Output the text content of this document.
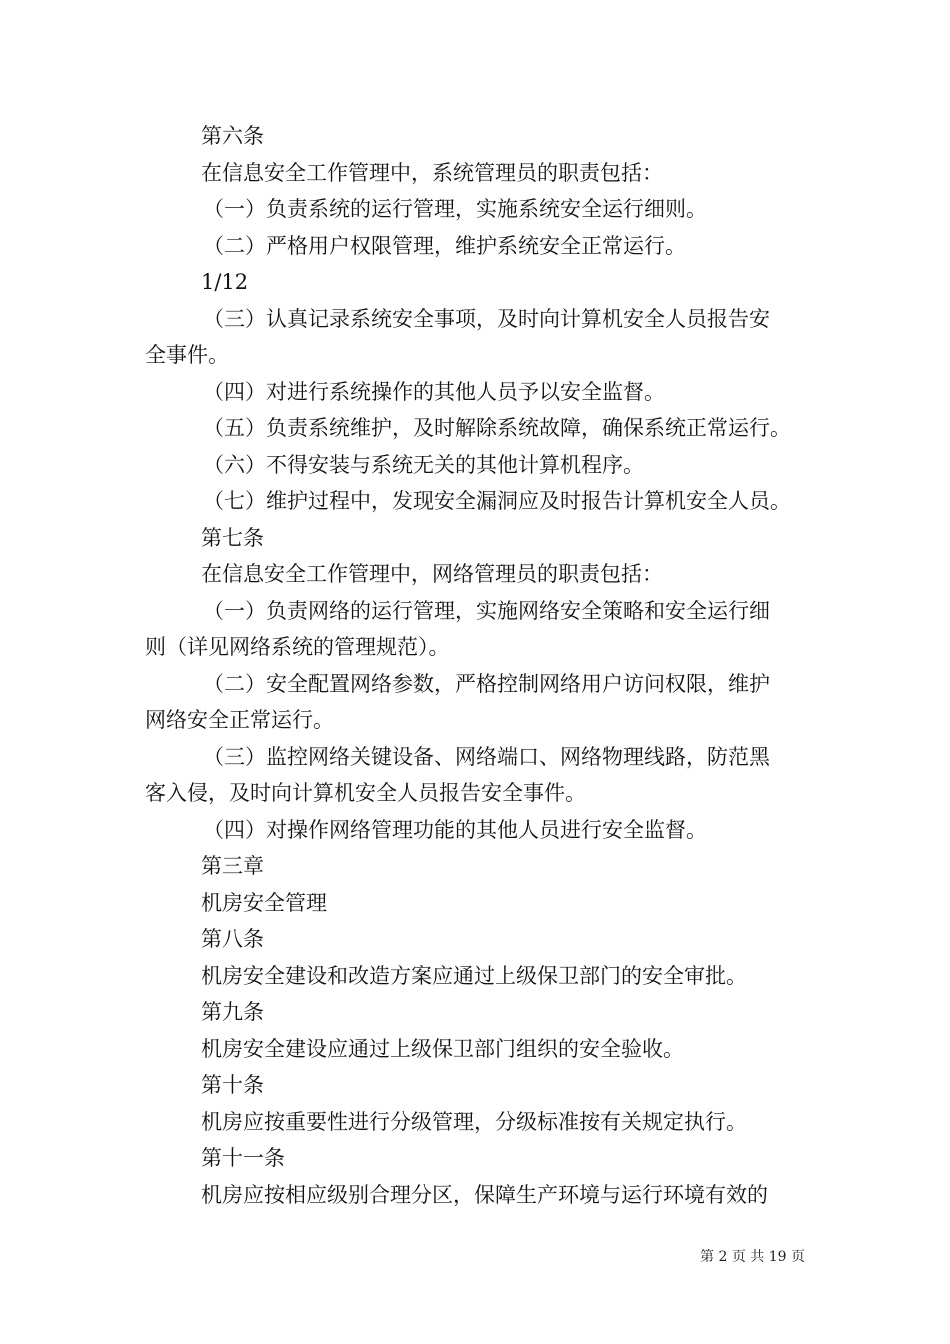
第六条
在信息安全工作管理中，系统管理员的职责包括：
（一）负责系统的运行管理，实施系统安全运行细则。
（二）严格用户权限管理，维护系统安全正常运行。
1/12
（三）认真记录系统安全事项，及时向计算机安全人员报告安
全事件。
（四）对进行系统操作的其他人员予以安全监督。
（五）负责系统维护，及时解除系统故障，确保系统正常运行。
（六）不得安装与系统无关的其他计算机程序。
（七）维护过程中，发现安全漏洞应及时报告计算机安全人员。
第七条
在信息安全工作管理中，网络管理员的职责包括：
（一）负责网络的运行管理，实施网络安全策略和安全运行细
则（详见网络系统的管理规范）。
（二）安全配置网络参数，严格控制网络用户访问权限，维护
网络安全正常运行。
（三）监控网络关键设备、网络端口、网络物理线路，防范黑
客入侵，及时向计算机安全人员报告安全事件。
（四）对操作网络管理功能的其他人员进行安全监督。
第三章
机房安全管理
第八条
机房安全建设和改造方案应通过上级保卫部门的安全审批。
第九条
机房安全建设应通过上级保卫部门组织的安全验收。
第十条
机房应按重要性进行分级管理，分级标准按有关规定执行。
第十一条
机房应按相应级别合理分区，保障生产环境与运行环境有效的
第 2 页 共 19 页
